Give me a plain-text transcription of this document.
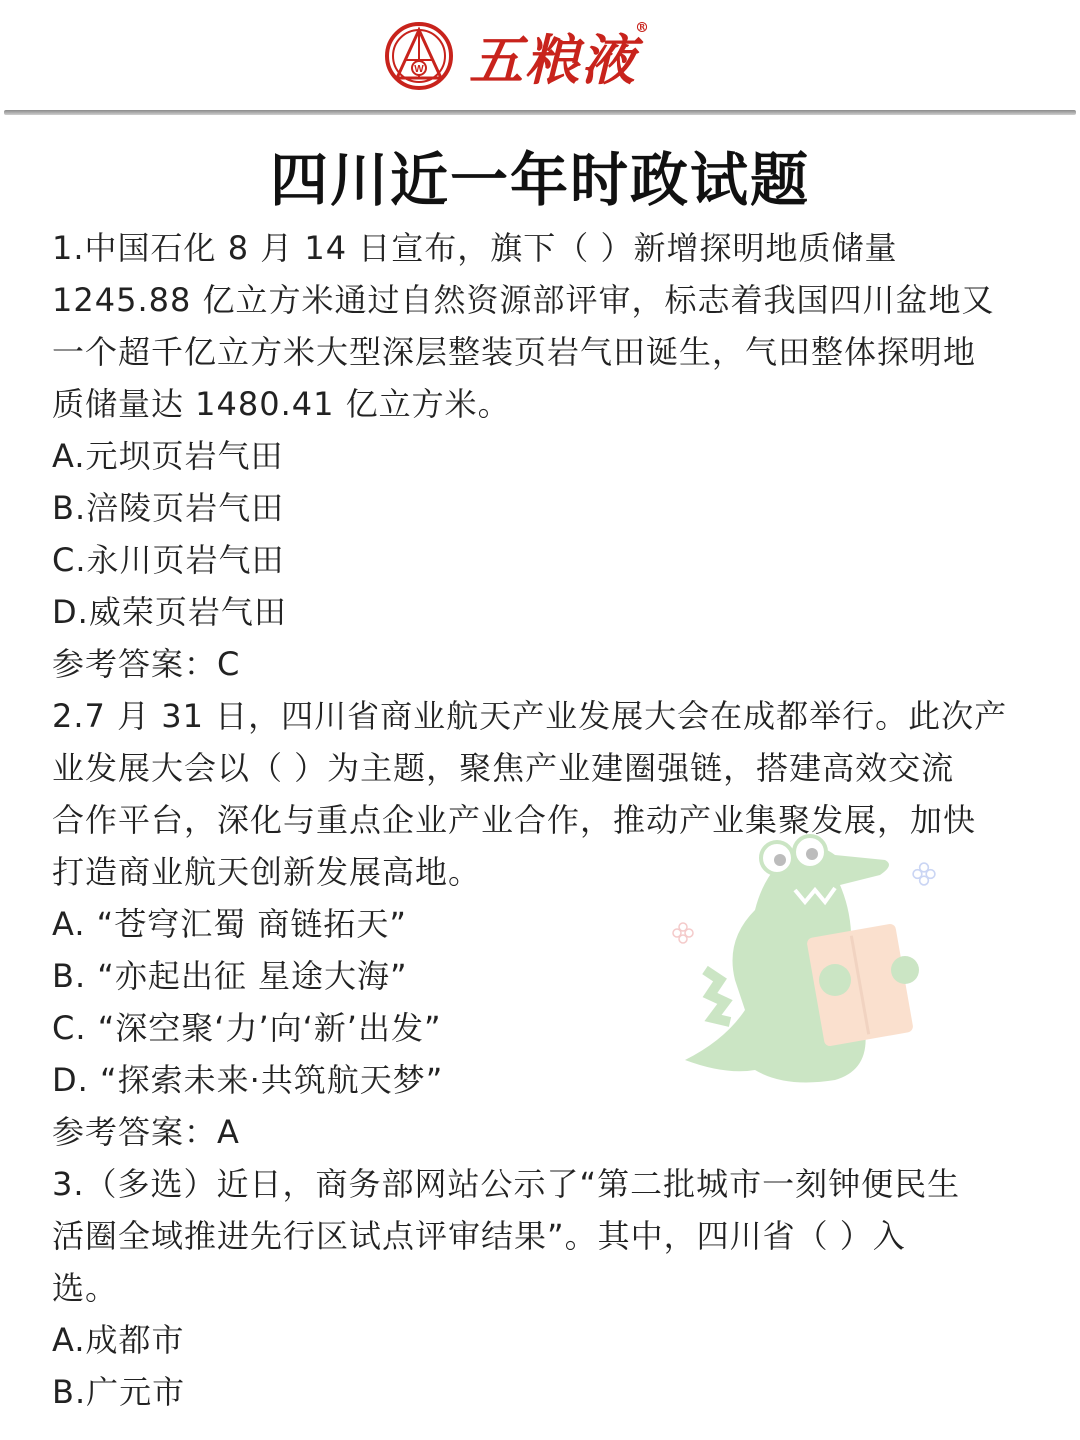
W 五粮液
®
四川近一年时政试题
1.中国石化 8 月 14 日宣布，旗下（ ）新增探明地质储量
1245.88 亿立方米通过自然资源部评审，标志着我国四川盆地又
一个超千亿立方米大型深层整装页岩气田诞生，气田整体探明地
质储量达 1480.41 亿立方米。
A.元坝页岩气田
B.涪陵页岩气田
C.永川页岩气田
D.威荣页岩气田
参考答案：C
2.7 月 31 日，四川省商业航天产业发展大会在成都举行。此次产
业发展大会以（ ）为主题，聚焦产业建圈强链，搭建高效交流
合作平台，深化与重点企业产业合作，推动产业集聚发展，加快
打造商业航天创新发展高地。
A. “苍穹汇蜀 商链拓天”
B. “亦起出征 星途大海”
C. “深空聚‘力’向‘新’出发”
D. “探索未来·共筑航天梦”
参考答案：A
3.（多选）近日，商务部网站公示了“第二批城市一刻钟便民生
活圈全域推进先行区试点评审结果”。其中，四川省（ ）入
选。
A.成都市
B.广元市
